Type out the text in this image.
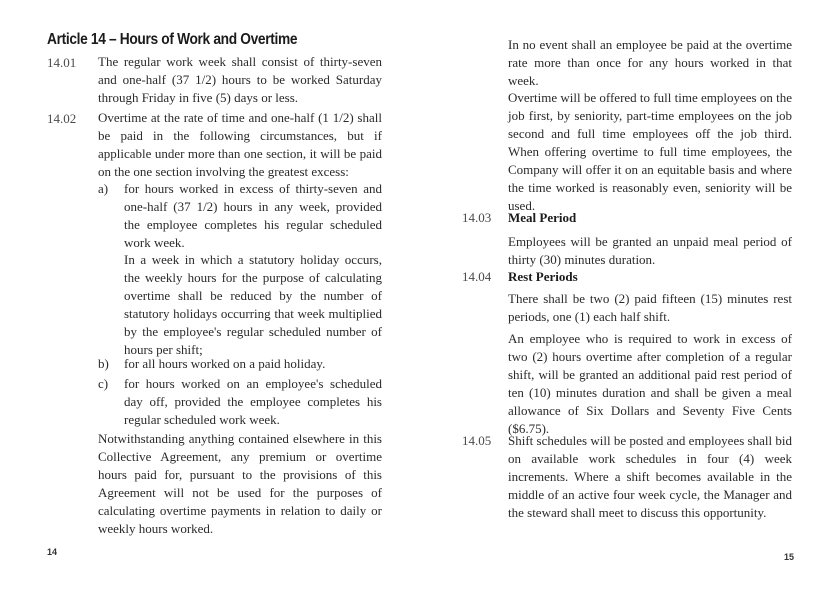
Article 14 – Hours of Work and Overtime
14.01 The regular work week shall consist of thirty-seven and one-half (37 1/2) hours to be worked Saturday through Friday in five (5) days or less.

14.02 Overtime at the rate of time and one-half (1 1/2) shall be paid in the following circumstances, but if applicable under more than one section, it will be paid on the one section involving the greatest excess:

a) for hours worked in excess of thirty-seven and one-half (37 1/2) hours in any week, provided the employee completes his regular scheduled work week.

In a week in which a statutory holiday occurs, the weekly hours for the purpose of calculating overtime shall be reduced by the number of statutory holidays occurring that week multiplied by the employee's regular scheduled number of hours per shift;

b) for all hours worked on a paid holiday.

c) for hours worked on an employee's scheduled day off, provided the employee completes his regular scheduled work week.

Notwithstanding anything contained elsewhere in this Collective Agreement, any premium or overtime hours paid for, pursuant to the provisions of this Agreement will not be used for the purposes of calculating overtime payments in relation to daily or weekly hours worked.

14

In no event shall an employee be paid at the overtime rate more than once for any hours worked in that week.

Overtime will be offered to full time employees on the job first, by seniority, part-time employees on the job second and full time employees off the job third. When offering overtime to full time employees, the Company will offer it on an equitable basis and where the time worked is reasonably even, seniority will be used.

14.03 Meal Period

Employees will be granted an unpaid meal period of thirty (30) minutes duration.

14.04 Rest Periods

There shall be two (2) paid fifteen (15) minutes rest periods, one (1) each half shift.

An employee who is required to work in excess of two (2) hours overtime after completion of a regular shift, will be granted an additional paid rest period of ten (10) minutes duration and shall be given a meal allowance of Six Dollars and Seventy Five Cents ($6.75).

14.05 Shift schedules will be posted and employees shall bid on available work schedules in four (4) week increments. Where a shift becomes available in the middle of an active four week cycle, the Manager and the steward shall meet to discuss this opportunity.

15
